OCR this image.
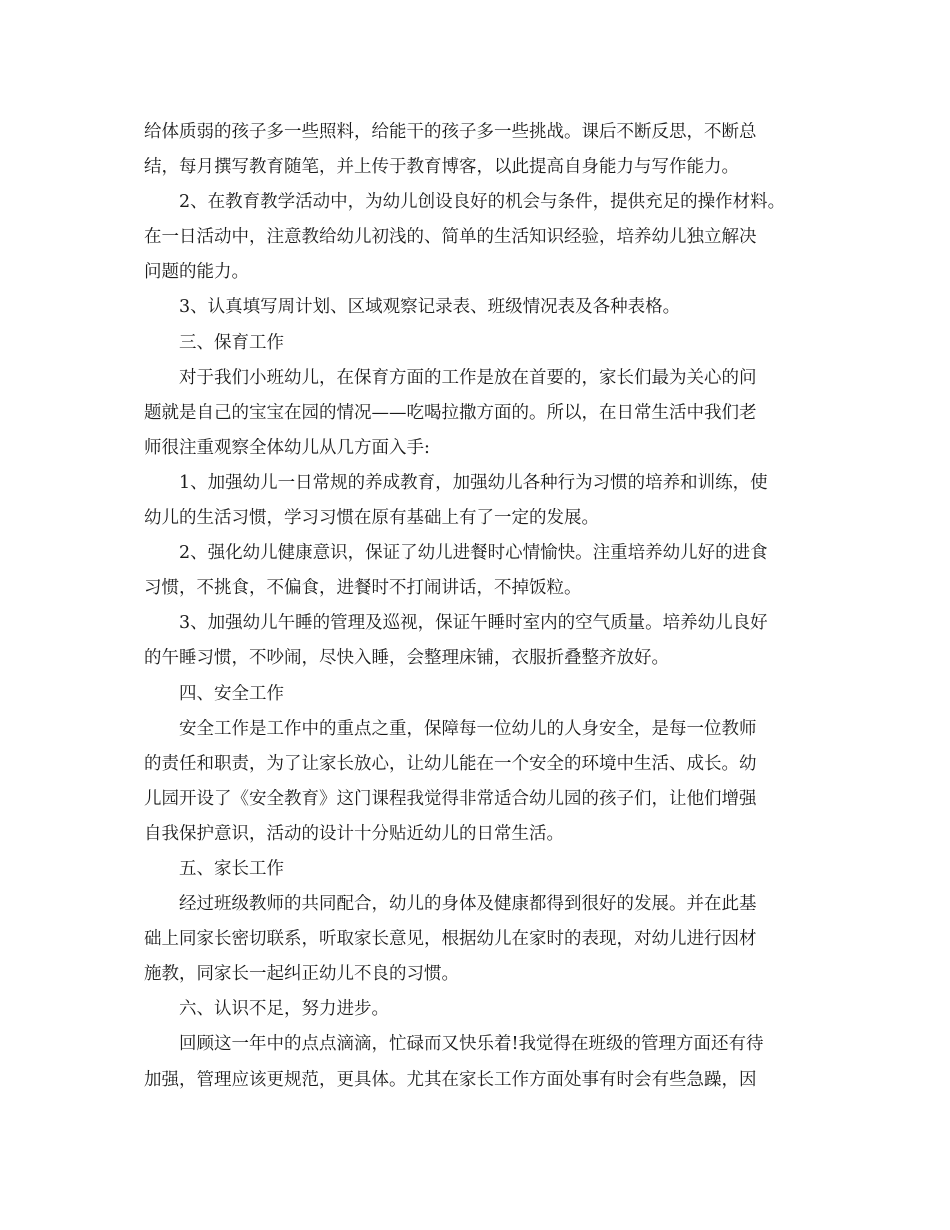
给体质弱的孩子多一些照料，给能干的孩子多一些挑战。课后不断反思，不断总
结，每月撰写教育随笔，并上传于教育博客，以此提高自身能力与写作能力。
2、在教育教学活动中，为幼儿创设良好的机会与条件，提供充足的操作材料。
在一日活动中，注意教给幼儿初浅的、简单的生活知识经验，培养幼儿独立解决
问题的能力。
3、认真填写周计划、区域观察记录表、班级情况表及各种表格。
三、保育工作
对于我们小班幼儿，在保育方面的工作是放在首要的，家长们最为关心的问
题就是自己的宝宝在园的情况——吃喝拉撒方面的。所以，在日常生活中我们老
师很注重观察全体幼儿从几方面入手:
1、加强幼儿一日常规的养成教育，加强幼儿各种行为习惯的培养和训练，使
幼儿的生活习惯，学习习惯在原有基础上有了一定的发展。
2、强化幼儿健康意识，保证了幼儿进餐时心情愉快。注重培养幼儿好的进食
习惯，不挑食，不偏食，进餐时不打闹讲话，不掉饭粒。
3、加强幼儿午睡的管理及巡视，保证午睡时室内的空气质量。培养幼儿良好
的午睡习惯，不吵闹，尽快入睡，会整理床铺，衣服折叠整齐放好。
四、安全工作
安全工作是工作中的重点之重，保障每一位幼儿的人身安全，是每一位教师
的责任和职责，为了让家长放心，让幼儿能在一个安全的环境中生活、成长。幼
儿园开设了《安全教育》这门课程我觉得非常适合幼儿园的孩子们，让他们增强
自我保护意识，活动的设计十分贴近幼儿的日常生活。
五、家长工作
经过班级教师的共同配合，幼儿的身体及健康都得到很好的发展。并在此基
础上同家长密切联系，听取家长意见，根据幼儿在家时的表现，对幼儿进行因材
施教，同家长一起纠正幼儿不良的习惯。
六、认识不足，努力进步。
回顾这一年中的点点滴滴，忙碌而又快乐着!我觉得在班级的管理方面还有待
加强，管理应该更规范，更具体。尤其在家长工作方面处事有时会有些急躁，因
